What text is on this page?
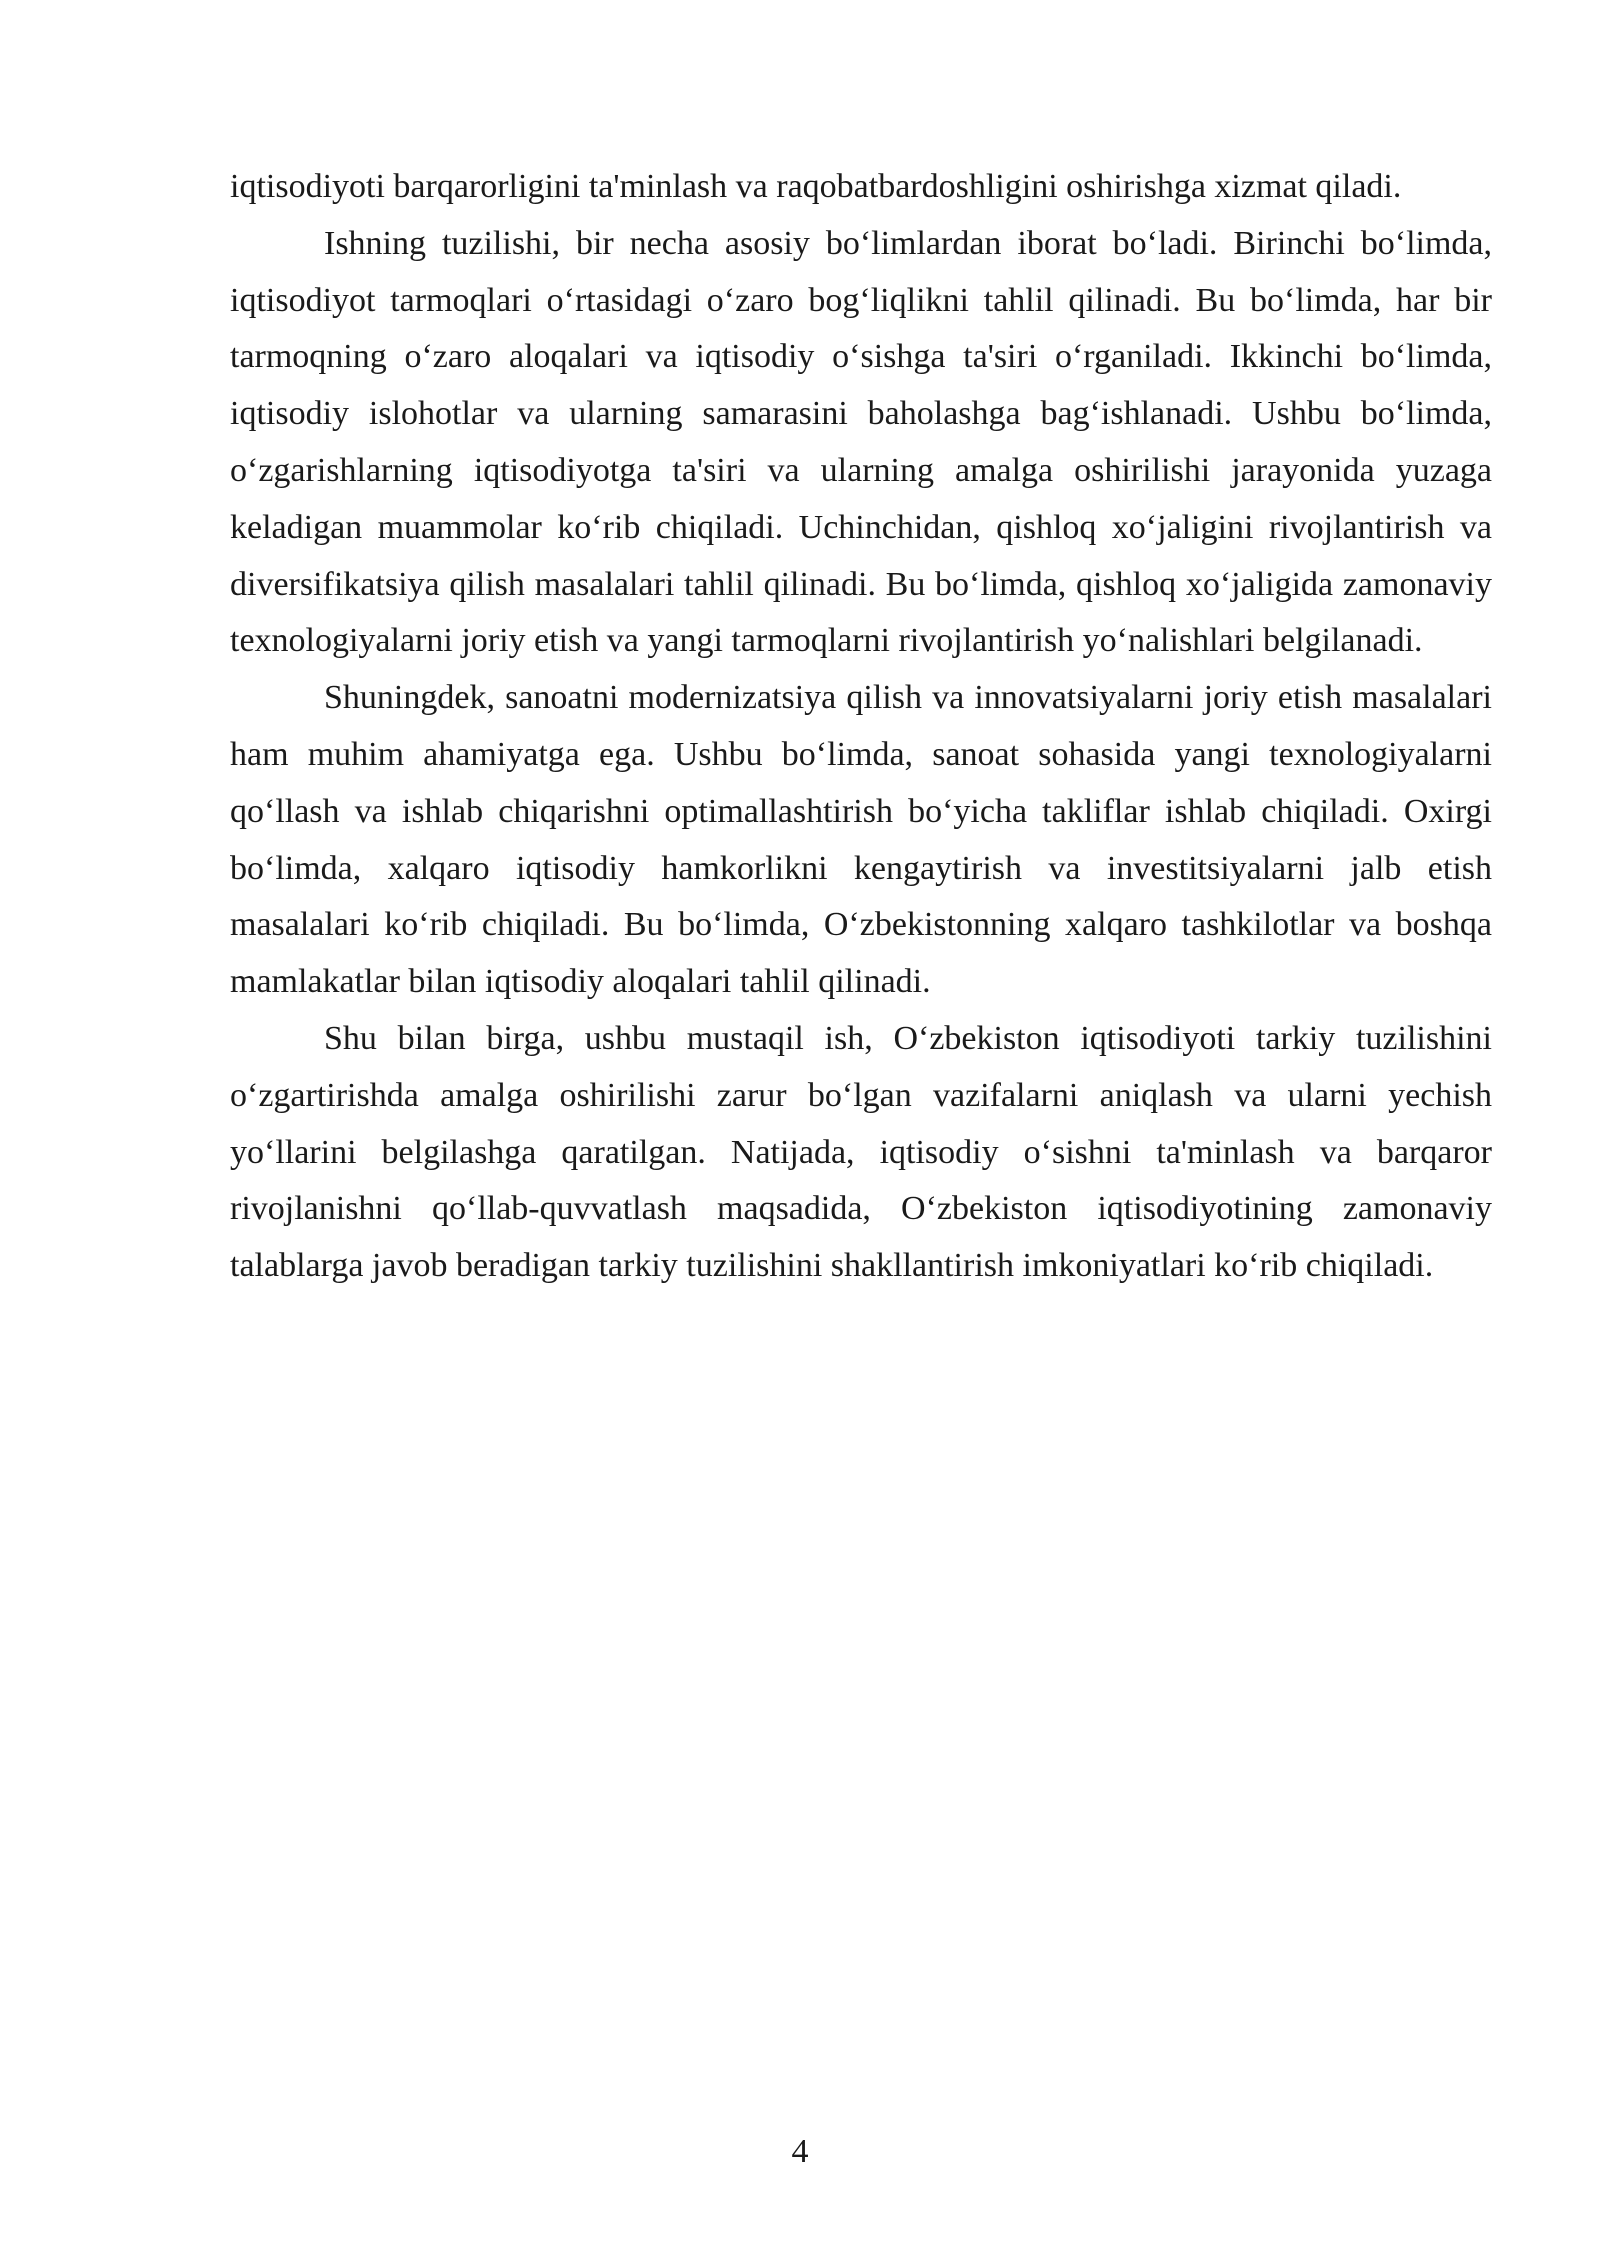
iqtisodiyoti barqarorligini ta'minlash va raqobatbardoshligini oshirishga xizmat qiladi.

Ishning tuzilishi, bir necha asosiy bo‘limlardan iborat bo‘ladi. Birinchi bo‘limda, iqtisodiyot tarmoqlari o‘rtasidagi o‘zaro bog‘liqlikni tahlil qilinadi. Bu bo‘limda, har bir tarmoqning o‘zaro aloqalari va iqtisodiy o‘sishga ta'siri o‘rganiladi. Ikkinchi bo‘limda, iqtisodiy islohotlar va ularning samarasini baholashga bag‘ishlanadi. Ushbu bo‘limda, o‘zgarishlarning iqtisodiyotga ta'siri va ularning amalga oshirilishi jarayonida yuzaga keladigan muammolar ko‘rib chiqiladi. Uchinchidan, qishloq xo‘jaligini rivojlantirish va diversifikatsiya qilish masalalari tahlil qilinadi. Bu bo‘limda, qishloq xo‘jaligida zamonaviy texnologiyalarni joriy etish va yangi tarmoqlarni rivojlantirish yo‘nalishlari belgilanadi.

Shuningdek, sanoatni modernizatsiya qilish va innovatsiyalarni joriy etish masalalari ham muhim ahamiyatga ega. Ushbu bo‘limda, sanoat sohasida yangi texnologiyalarni qo‘llash va ishlab chiqarishni optimallashtirish bo‘yicha takliflar ishlab chiqiladi. Oxirgi bo‘limda, xalqaro iqtisodiy hamkorlikni kengaytirish va investitsiyalarni jalb etish masalalari ko‘rib chiqiladi. Bu bo‘limda, O‘zbekistonning xalqaro tashkilotlar va boshqa mamlakatlar bilan iqtisodiy aloqalari tahlil qilinadi.

Shu bilan birga, ushbu mustaqil ish, O‘zbekiston iqtisodiyoti tarkiy tuzilishini o‘zgartirishda amalga oshirilishi zarur bo‘lgan vazifalarni aniqlash va ularni yechish yo‘llarini belgilashga qaratilgan. Natijada, iqtisodiy o‘sishni ta'minlash va barqaror rivojlanishni qo‘llab-quvvatlash maqsadida, O‘zbekiston iqtisodiyotining zamonaviy talablarga javob beradigan tarkiy tuzilishini shakllantirish imkoniyatlari ko‘rib chiqiladi.

4
